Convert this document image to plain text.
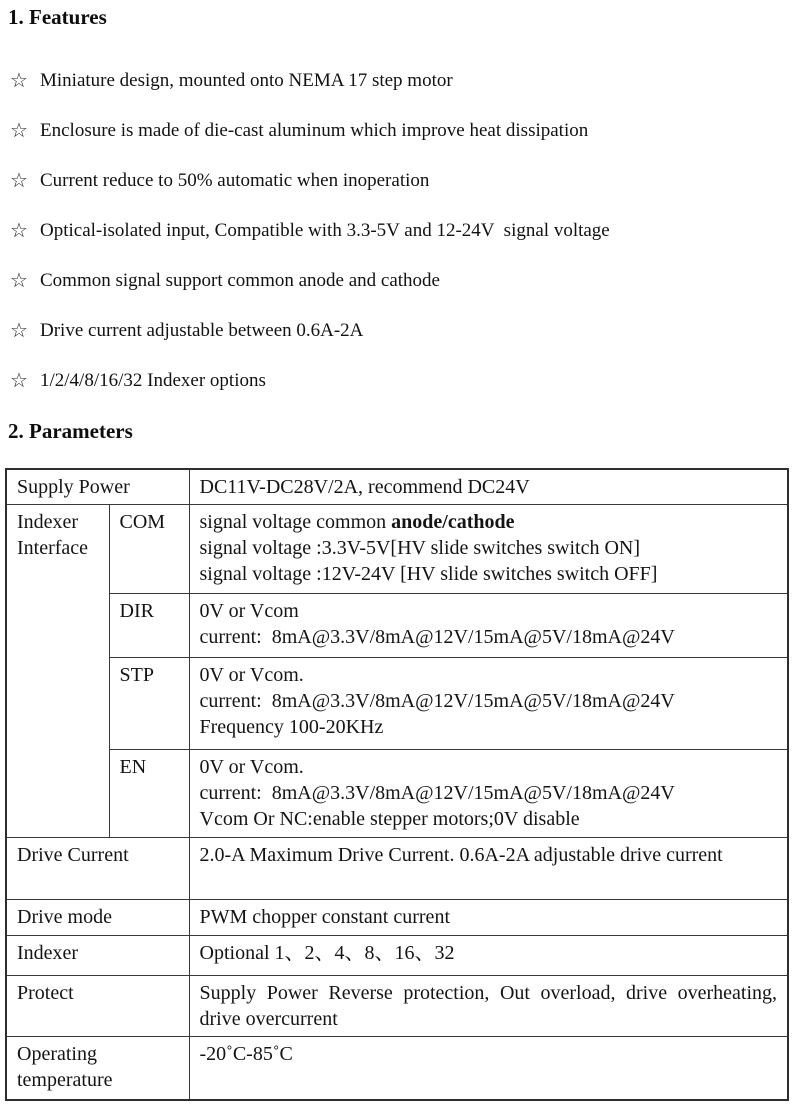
1. Features
☆ Miniature design, mounted onto NEMA 17 step motor
☆ Enclosure is made of die-cast aluminum which improve heat dissipation
☆ Current reduce to 50% automatic when inoperation
☆ Optical-isolated input, Compatible with 3.3-5V and 12-24V  signal voltage
☆ Common signal support common anode and cathode
☆ Drive current adjustable between 0.6A-2A
☆ 1/2/4/8/16/32 Indexer options
2. Parameters
Supply Power		DC11V-DC28V/2A, recommend DC24V
Indexer Interface	COM	signal voltage common anode/cathode
signal voltage :3.3V-5V[HV slide switches switch ON]
signal voltage :12V-24V [HV slide switches switch OFF]

	DIR	0V or Vcom
current:  8mA@3.3V/8mA@12V/15mA@5V/18mA@24V

	STP	0V or Vcom.
current:  8mA@3.3V/8mA@12V/15mA@5V/18mA@24V
Frequency 100-20KHz

	EN	0V or Vcom.
current:  8mA@3.3V/8mA@12V/15mA@5V/18mA@24V
Vcom Or NC:enable stepper motors;0V disable

Drive Current		2.0-A Maximum Drive Current. 0.6A-2A adjustable drive current
Drive mode		PWM chopper constant current
Indexer		Optional 1、2、4、8、16、32
Protect		Supply Power Reverse protection, Out overload, drive overheating, drive overcurrent
Operating temperature		-20˚C-85˚C
